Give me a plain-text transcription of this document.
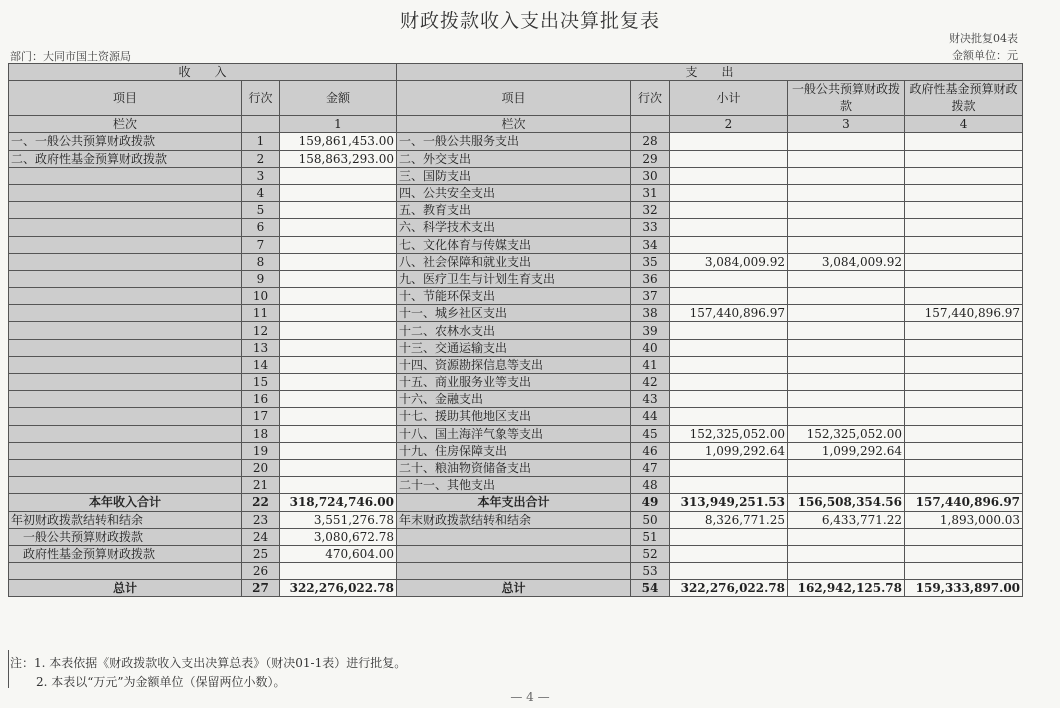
财政拨款收入支出决算批复表
财决批复04表
金额单位：元
部门：大同市国土资源局
收　　入			支　　出				
项目	行次	金额	项目	行次	小计	一般公共预算财政拨款	政府性基金预算财政拨款
栏次		1	栏次		2	3	4
一、一般公共预算财政拨款	1	159,861,453.00	一、一般公共服务支出	28			
二、政府性基金预算财政拨款	2	158,863,293.00	二、外交支出	29			
	3		三、国防支出	30			
	4		四、公共安全支出	31			
	5		五、教育支出	32			
	6		六、科学技术支出	33			
	7		七、文化体育与传媒支出	34			
	8		八、社会保障和就业支出	35	3,084,009.92	3,084,009.92	
	9		九、医疗卫生与计划生育支出	36			
	10		十、节能环保支出	37			
	11		十一、城乡社区支出	38	157,440,896.97		157,440,896.97
	12		十二、农林水支出	39			
	13		十三、交通运输支出	40			
	14		十四、资源勘探信息等支出	41			
	15		十五、商业服务业等支出	42			
	16		十六、金融支出	43			
	17		十七、援助其他地区支出	44			
	18		十八、国土海洋气象等支出	45	152,325,052.00	152,325,052.00	
	19		十九、住房保障支出	46	1,099,292.64	1,099,292.64	
	20		二十、粮油物资储备支出	47			
	21		二十一、其他支出	48			
本年收入合计	22	318,724,746.00	本年支出合计	49	313,949,251.53	156,508,354.56	157,440,896.97
年初财政拨款结转和结余	23	3,551,276.78	年末财政拨款结转和结余	50	8,326,771.25	6,433,771.22	1,893,000.03
一般公共预算财政拨款	24	3,080,672.78		51			
政府性基金预算财政拨款	25	470,604.00		52			
	26			53			
总计	27	322,276,022.78	总计	54	322,276,022.78	162,942,125.78	159,333,897.00
注：1. 本表依据《财政拨款收入支出决算总表》（财决01-1表）进行批复。
2. 本表以“万元”为金额单位（保留两位小数）。
— 4 —
